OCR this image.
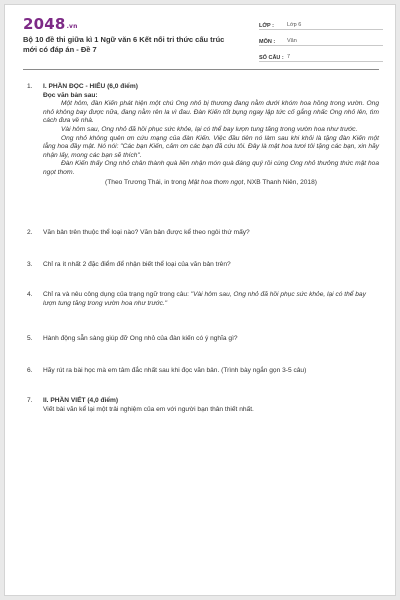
2048.vn
Bộ 10 đề thi giữa kì 1 Ngữ văn 6 Kết nối tri thức cấu trúc mới có đáp án - Đề 7
LỚP :	Lớp 6
MÔN :	Văn
SỐ CÂU : 7
1.	I. PHẦN ĐỌC - HIỂU (6,0 điểm)
Đọc văn bản sau:
Một hôm, đàn Kiến phát hiện một chú Ong nhỏ bị thương đang nằm dưới khóm hoa hồng trong vườn. Ong nhỏ không bay được nữa, đang nằm rên la vì đau. Đàn Kiến tốt bụng ngay lập tức cố gắng nhấc Ong nhỏ lên, tìm cách đưa về nhà.
Vài hôm sau, Ong nhỏ đã hồi phục sức khỏe, lại có thể bay lượn tung tăng trong vườn hoa như trước.
Ong nhỏ không quên ơn cứu mạng của đàn Kiến. Việc đầu tiên nó làm sau khi khỏi là tặng đàn Kiến một lẵng hoa đầy mật. Nó nói: "Các bạn Kiến, cảm ơn các bạn đã cứu tôi. Đây là mật hoa tươi tôi tặng các bạn, xin hãy nhận lấy, mong các bạn sẽ thích".
Đàn Kiến thấy Ong nhỏ chân thành quà liền nhận món quà đáng quý rồi cùng Ong nhỏ thưởng thức mật hoa ngọt thơm.
(Theo Trương Thái, in trong Mật hoa thơm ngọt, NXB Thanh Niên, 2018)
2.	Văn bản trên thuộc thể loại nào? Văn bản được kể theo ngôi thứ mấy?
3.	Chỉ ra ít nhất 2 đặc điểm để nhận biết thể loại của văn bản trên?
4.	Chỉ ra và nêu công dụng của trạng ngữ trong câu: "Vài hôm sau, Ong nhỏ đã hồi phục sức khỏe, lại có thể bay lượn tung tăng trong vườn hoa như trước."
5.	Hành động sẵn sàng giúp đỡ Ong nhỏ của đàn kiến có ý nghĩa gì?
6.	Hãy rút ra bài học mà em tâm đắc nhất sau khi đọc văn bản. (Trình bày ngắn gọn 3-5 câu)
7.	II. PHẦN VIẾT (4,0 điểm)
Viết bài văn kể lại một trải nghiệm của em với người bạn thân thiết nhất.
